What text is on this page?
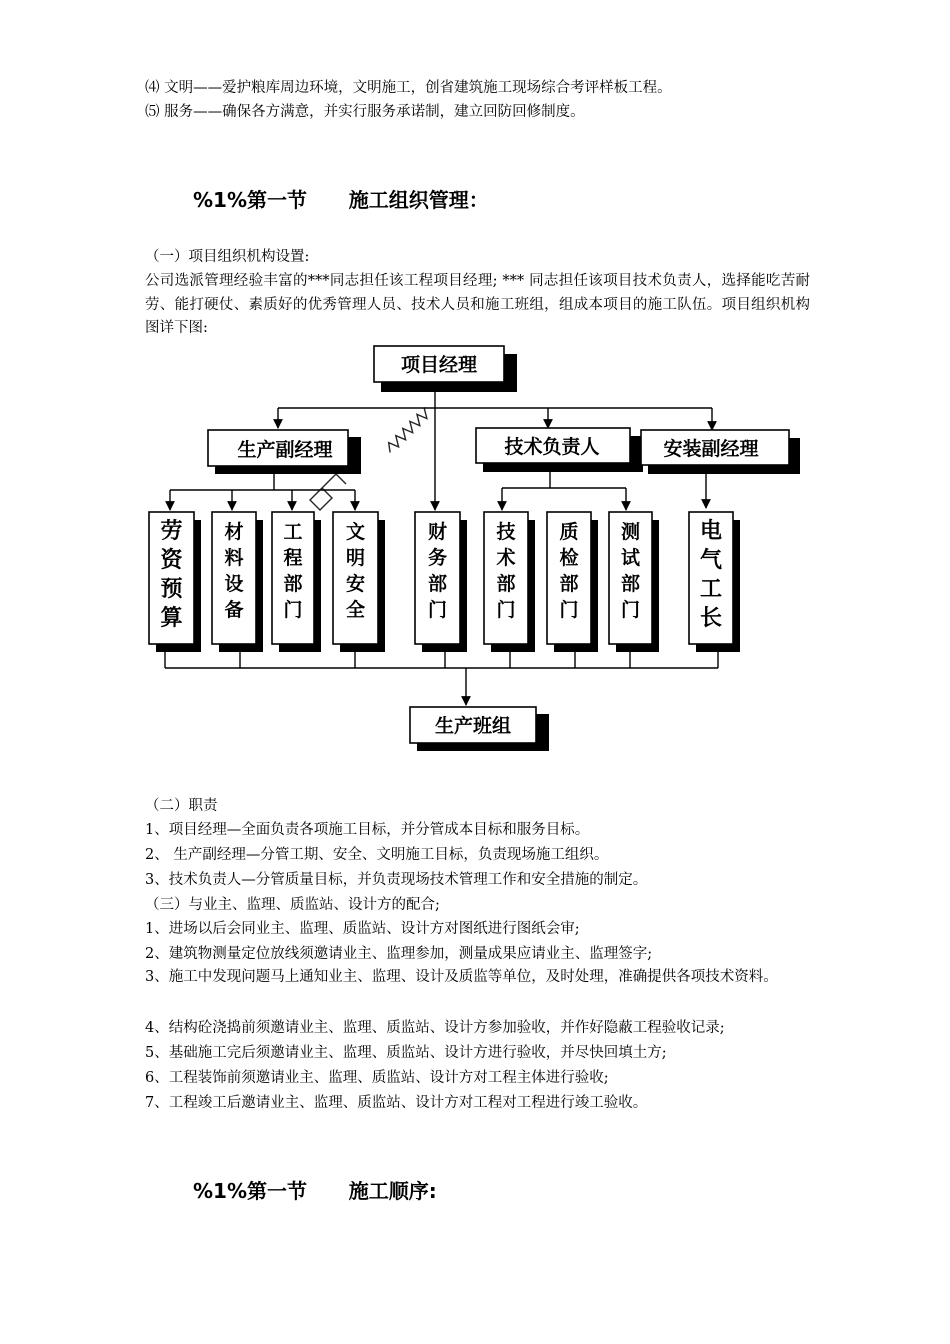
⑷ 文明——爱护粮库周边环境，文明施工，创省建筑施工现场综合考评样板工程。
⑸ 服务——确保各方满意，并实行服务承诺制，建立回防回修制度。
%1%第一节 施工组织管理：
（一）项目组织机构设置:
公司选派管理经验丰富的***同志担任该工程项目经理; *** 同志担任该项目技术负责人，选择能吃苦耐劳、能打硬仗、素质好的优秀管理人员、技术人员和施工班组，组成本项目的施工队伍。项目组织机构图详下图:
项目经理
生产副经理	技术负责人	安装副经理
劳资预算
材料设备
工程部门
文明安全
财务部门
技术部门
质检部门
测试部门
电气工长
生产班组
（二）职责
1、项目经理—全面负责各项施工目标，并分管成本目标和服务目标。
2、 生产副经理—分管工期、安全、文明施工目标，负责现场施工组织。
3、技术负责人—分管质量目标，并负责现场技术管理工作和安全措施的制定。
（三）与业主、监理、质监站、设计方的配合;
1、进场以后会同业主、监理、质监站、设计方对图纸进行图纸会审;
2、建筑物测量定位放线须邀请业主、监理参加，测量成果应请业主、监理签字;
3、施工中发现问题马上通知业主、监理、设计及质监等单位，及时处理，准确提供各项技术资料。
4、结构砼浇捣前须邀请业主、监理、质监站、设计方参加验收，并作好隐蔽工程验收记录;
5、基础施工完后须邀请业主、监理、质监站、设计方进行验收，并尽快回填土方;
6、工程装饰前须邀请业主、监理、质监站、设计方对工程主体进行验收;
7、工程竣工后邀请业主、监理、质监站、设计方对工程对工程进行竣工验收。
%1%第一节 施工顺序:
